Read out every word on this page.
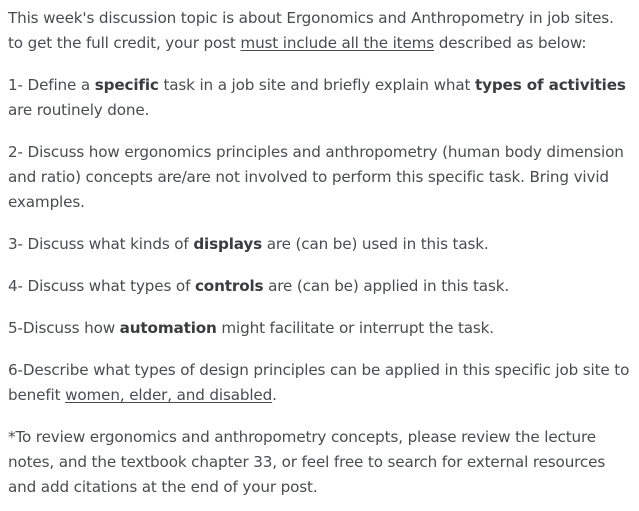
This week's discussion topic is about Ergonomics and Anthropometry in job sites.
to get the full credit, your post must include all the items described as below:

1- Define a specific task in a job site and briefly explain what types of activities are routinely done.

2- Discuss how ergonomics principles and anthropometry (human body dimension and ratio) concepts are/are not involved to perform this specific task. Bring vivid examples.

3- Discuss what kinds of displays are (can be) used in this task.

4- Discuss what types of controls are (can be) applied in this task.

5-Discuss how automation might facilitate or interrupt the task.

6-Describe what types of design principles can be applied in this specific job site to benefit women, elder, and disabled.

*To review ergonomics and anthropometry concepts, please review the lecture notes, and the textbook chapter 33, or feel free to search for external resources and add citations at the end of your post.
